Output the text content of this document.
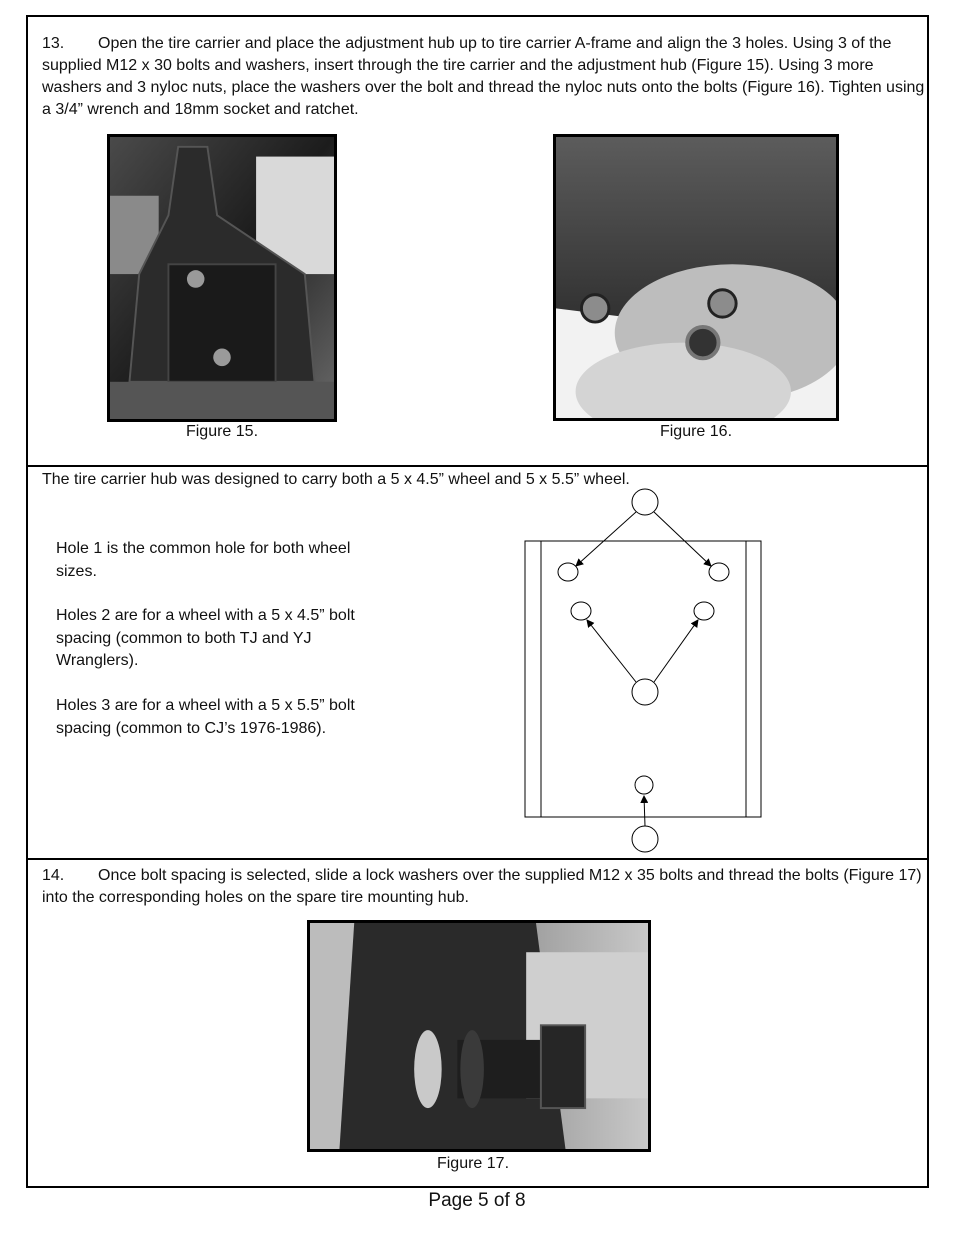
13. Open the tire carrier and place the adjustment hub up to tire carrier A-frame and align the 3 holes. Using 3 of the supplied M12 x 30 bolts and washers, insert through the tire carrier and the adjustment hub (Figure 15). Using 3 more washers and 3 nyloc nuts, place the washers over the bolt and thread the nyloc nuts onto the bolts (Figure 16). Tighten using a 3/4” wrench and 18mm socket and ratchet.

Figure 15.	Figure 16.

The tire carrier hub was designed to carry both a 5 x 4.5” wheel and 5 x 5.5” wheel.

Hole 1 is the common hole for both wheel sizes.

Holes 2 are for a wheel with a 5 x 4.5” bolt spacing (common to both TJ and YJ Wranglers).

Holes 3 are for a wheel with a 5 x 5.5” bolt spacing (common to CJ’s 1976-1986).

14. Once bolt spacing is selected, slide a lock washers over the supplied M12 x 35 bolts and thread the bolts (Figure 17) into the corresponding holes on the spare tire mounting hub.

Figure 17.
Page 5 of 8
